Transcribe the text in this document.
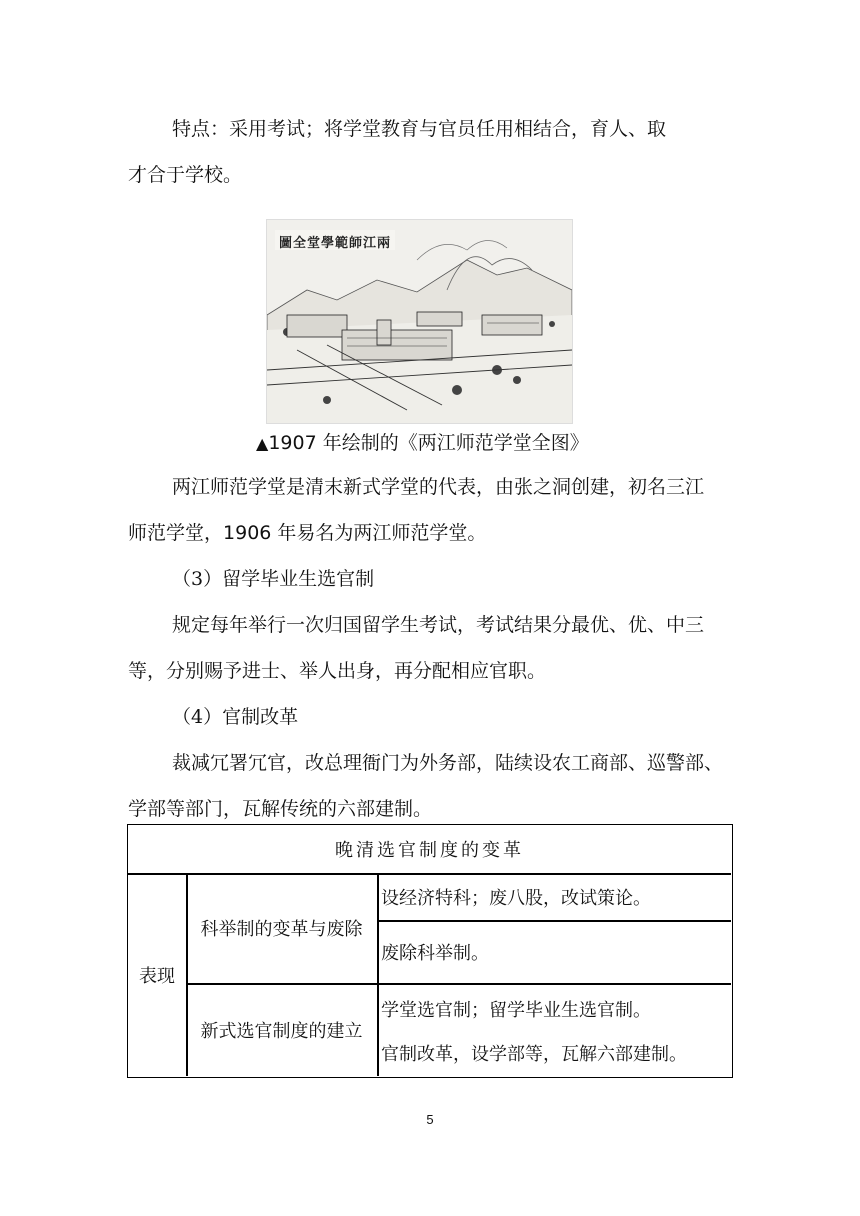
特点：采用考试；将学堂教育与官员任用相结合，育人、取
才合于学校。
圖全堂學範師江兩
▲1907 年绘制的《两江师范学堂全图》
两江师范学堂是清末新式学堂的代表，由张之洞创建，初名三江
师范学堂，1906 年易名为两江师范学堂。
（3）留学毕业生选官制
规定每年举行一次归国留学生考试，考试结果分最优、优、中三
等，分别赐予进士、举人出身，再分配相应官职。
（4）官制改革
裁减冗署冗官，改总理衙门为外务部，陆续设农工商部、巡警部、
学部等部门，瓦解传统的六部建制。
晚清选官制度的变革
表现
科举制的变革与废除
设经济特科；废八股，改试策论。
废除科举制。
新式选官制度的建立
学堂选官制；留学毕业生选官制。
官制改革，设学部等，瓦解六部建制。
5
